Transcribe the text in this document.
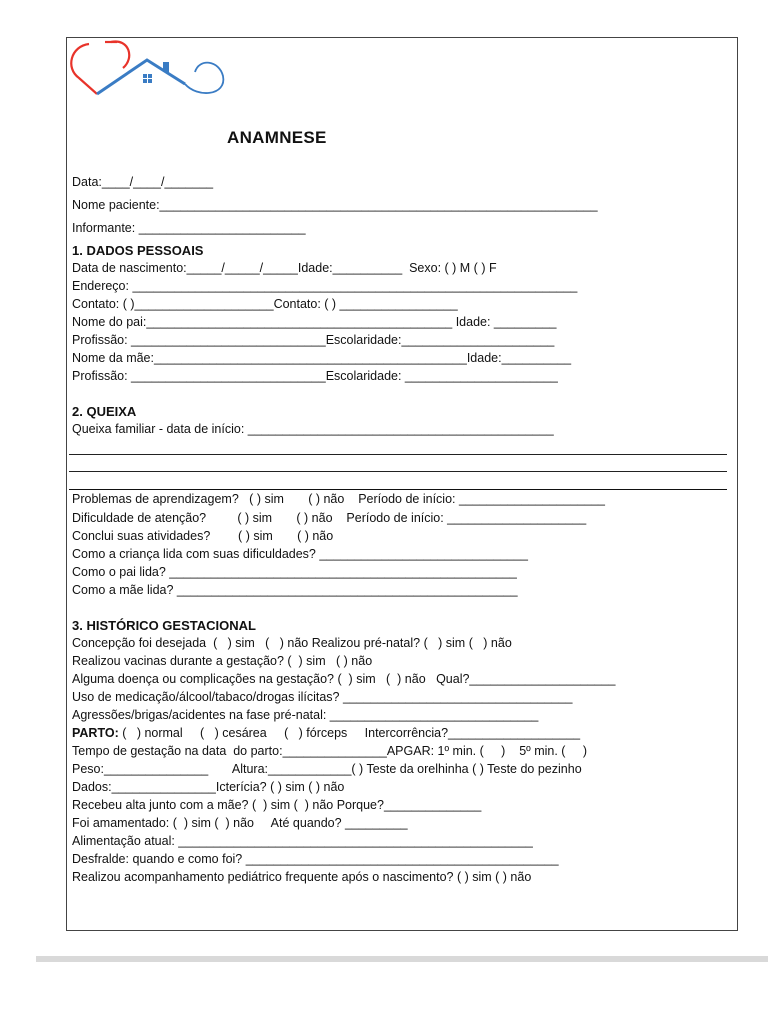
ANAMNESE
Data:____/____/_______
Nome paciente:_______________________________________________________________
Informante: ________________________
1. DADOS PESSOAIS
Data de nascimento:_____/_____/_____Idade:__________  Sexo: ( ) M ( ) F
Endereço: ________________________________________________________________
Contato: ( )____________________Contato: ( ) _________________
Nome do pai:____________________________________________ Idade: _________
Profissão: ____________________________Escolaridade:______________________
Nome da mãe:_____________________________________________Idade:__________
Profissão: ____________________________Escolaridade: ______________________
2. QUEIXA
Queixa familiar - data de início: ____________________________________________
Problemas de aprendizagem?   ( ) sim       ( ) não    Período de início: _____________________
Dificuldade de atenção?         ( ) sim       ( ) não    Período de início: ____________________
Conclui suas atividades?        ( ) sim       ( ) não
Como a criança lida com suas dificuldades? ______________________________
Como o pai lida? __________________________________________________
Como a mãe lida? _________________________________________________
3. HISTÓRICO GESTACIONAL
Concepção foi desejada  (   ) sim   (   ) não Realizou pré-natal? (   ) sim (   ) não
Realizou vacinas durante a gestação? (  ) sim   ( ) não
Alguma doença ou complicações na gestação? (  ) sim   (  ) não   Qual?_____________________
Uso de medicação/álcool/tabaco/drogas ilícitas? _________________________________
Agressões/brigas/acidentes na fase pré-natal: ______________________________
PARTO: (   ) normal     (   ) cesárea     (   ) fórceps     Intercorrência?___________________
Tempo de gestação na data  do parto:_______________APGAR: 1º min. (     )    5º min. (     )
Peso:_______________       Altura:____________( ) Teste da orelhinha ( ) Teste do pezinho
Dados:_______________Icterícia? ( ) sim ( ) não
Recebeu alta junto com a mãe? (  ) sim (  ) não Porque?______________
Foi amamentado: (  ) sim (  ) não     Até quando? _________
Alimentação atual: ___________________________________________________
Desfralde: quando e como foi? _____________________________________________
Realizou acompanhamento pediátrico frequente após o nascimento? ( ) sim ( ) não
